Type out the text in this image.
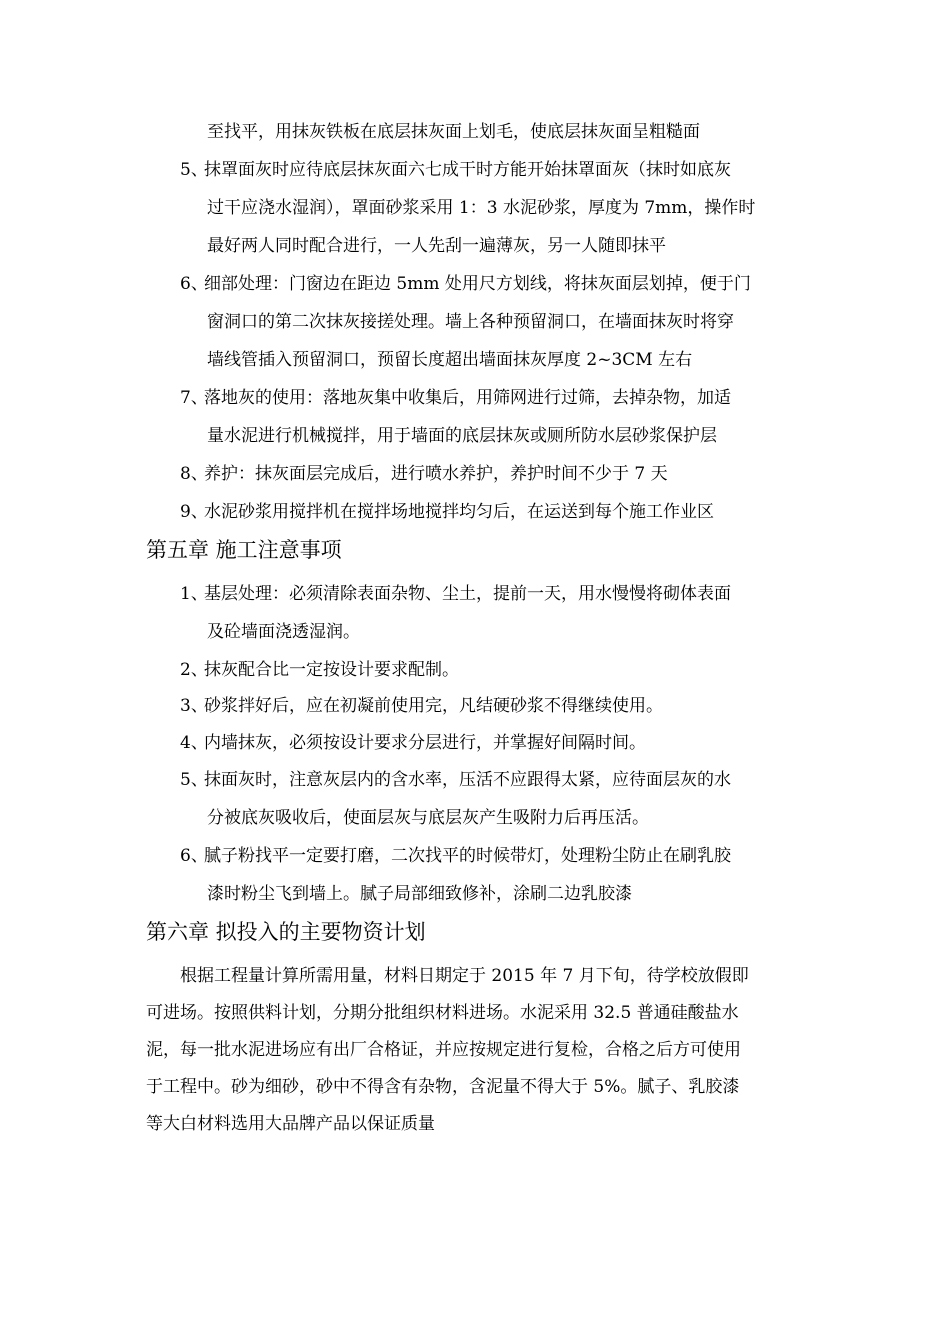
至找平，用抹灰铁板在底层抹灰面上划毛，使底层抹灰面呈粗糙面
5、抹罩面灰时应待底层抹灰面六七成干时方能开始抹罩面灰（抹时如底灰
过干应浇水湿润），罩面砂浆采用 1：3 水泥砂浆，厚度为 7mm，操作时
最好两人同时配合进行，一人先刮一遍薄灰，另一人随即抹平
6、细部处理：门窗边在距边 5mm 处用尺方划线，将抹灰面层划掉，便于门
窗洞口的第二次抹灰接搓处理。墙上各种预留洞口，在墙面抹灰时将穿
墙线管插入预留洞口，预留长度超出墙面抹灰厚度 2~3CM 左右
7、落地灰的使用：落地灰集中收集后，用筛网进行过筛，去掉杂物，加适
量水泥进行机械搅拌，用于墙面的底层抹灰或厕所防水层砂浆保护层
8、养护：抹灰面层完成后，进行喷水养护，养护时间不少于 7 天
9、水泥砂浆用搅拌机在搅拌场地搅拌均匀后，在运送到每个施工作业区
第五章 施工注意事项
1、基层处理：必须清除表面杂物、尘土，提前一天，用水慢慢将砌体表面
及砼墙面浇透湿润。
2、抹灰配合比一定按设计要求配制。
3、砂浆拌好后，应在初凝前使用完，凡结硬砂浆不得继续使用。
4、内墙抹灰，必须按设计要求分层进行，并掌握好间隔时间。
5、抹面灰时，注意灰层内的含水率，压活不应跟得太紧，应待面层灰的水
分被底灰吸收后，使面层灰与底层灰产生吸附力后再压活。
6、腻子粉找平一定要打磨，二次找平的时候带灯，处理粉尘防止在刷乳胶
漆时粉尘飞到墙上。腻子局部细致修补，涂刷二边乳胶漆
第六章 拟投入的主要物资计划
根据工程量计算所需用量，材料日期定于 2015 年 7 月下旬，待学校放假即
可进场。按照供料计划，分期分批组织材料进场。水泥采用 32.5 普通硅酸盐水
泥，每一批水泥进场应有出厂合格证，并应按规定进行复检，合格之后方可使用
于工程中。砂为细砂，砂中不得含有杂物，含泥量不得大于 5%。腻子、乳胶漆
等大白材料选用大品牌产品以保证质量
